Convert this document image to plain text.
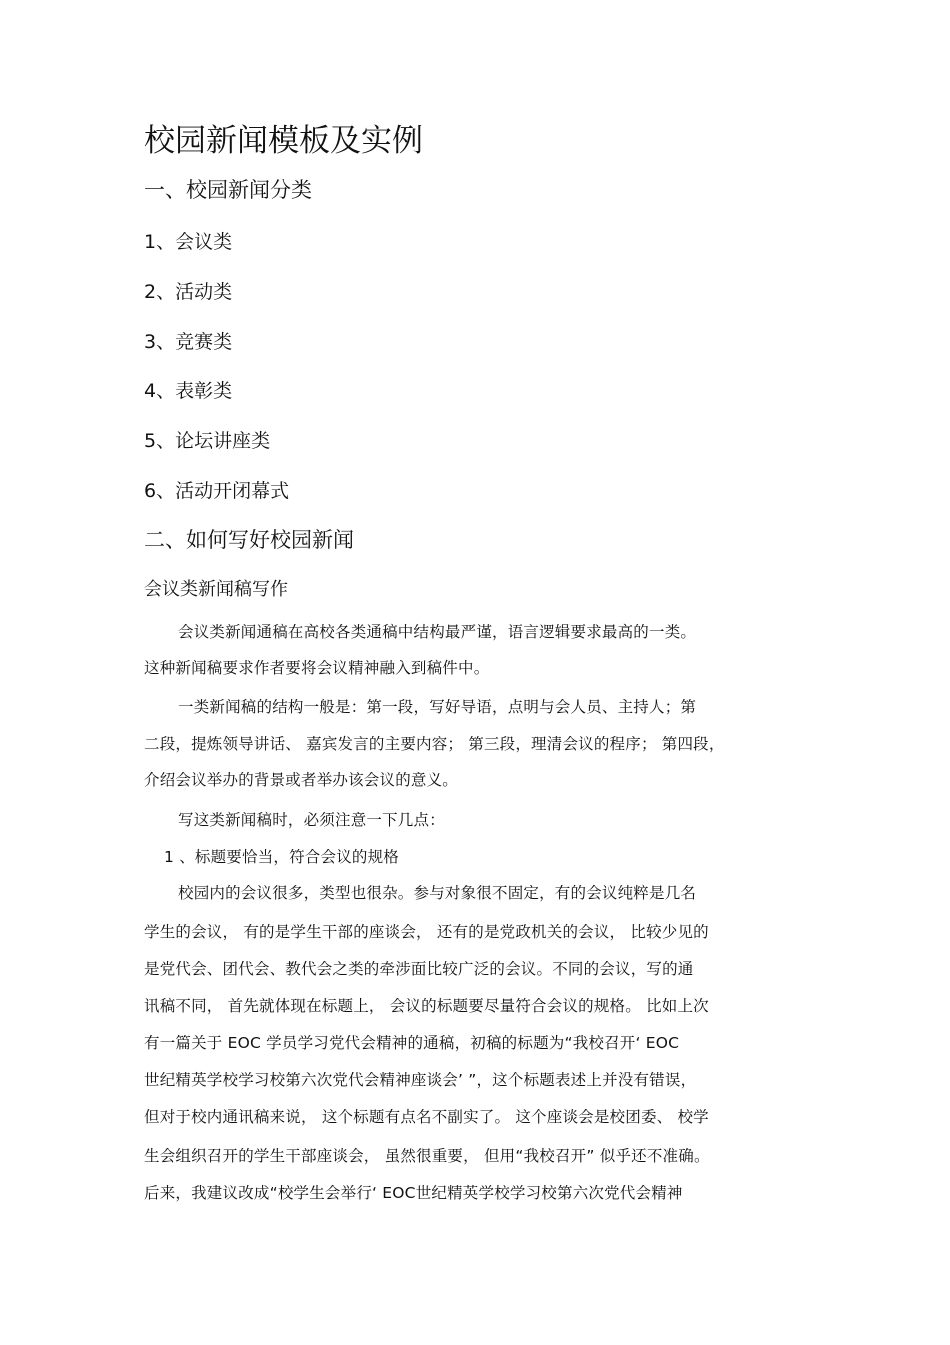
校园新闻模板及实例
一、校园新闻分类
1、会议类
2、活动类
3、竞赛类
4、表彰类
5、论坛讲座类
6、活动开闭幕式
二、如何写好校园新闻
会议类新闻稿写作
会议类新闻通稿在高校各类通稿中结构最严谨，语言逻辑要求最高的一类。
这种新闻稿要求作者要将会议精神融入到稿件中。
一类新闻稿的结构一般是：第一段，写好导语，点明与会人员、主持人；第
二段，提炼领导讲话、 嘉宾发言的主要内容； 第三段，理清会议的程序； 第四段，
介绍会议举办的背景或者举办该会议的意义。
写这类新闻稿时，必须注意一下几点：
1 、标题要恰当，符合会议的规格
校园内的会议很多，类型也很杂。参与对象很不固定，有的会议纯粹是几名
学生的会议， 有的是学生干部的座谈会， 还有的是党政机关的会议， 比较少见的
是党代会、团代会、教代会之类的牵涉面比较广泛的会议。不同的会议，写的通
讯稿不同， 首先就体现在标题上， 会议的标题要尽量符合会议的规格。 比如上次
有一篇关于 EOC 学员学习党代会精神的通稿，初稿的标题为“我校召开‘ EOC
世纪精英学校学习校第六次党代会精神座谈会’ ”，这个标题表述上并没有错误，
但对于校内通讯稿来说， 这个标题有点名不副实了。 这个座谈会是校团委、 校学
生会组织召开的学生干部座谈会， 虽然很重要， 但用“我校召开” 似乎还不准确。
后来，我建议改成“校学生会举行‘ EOC世纪精英学校学习校第六次党代会精神
